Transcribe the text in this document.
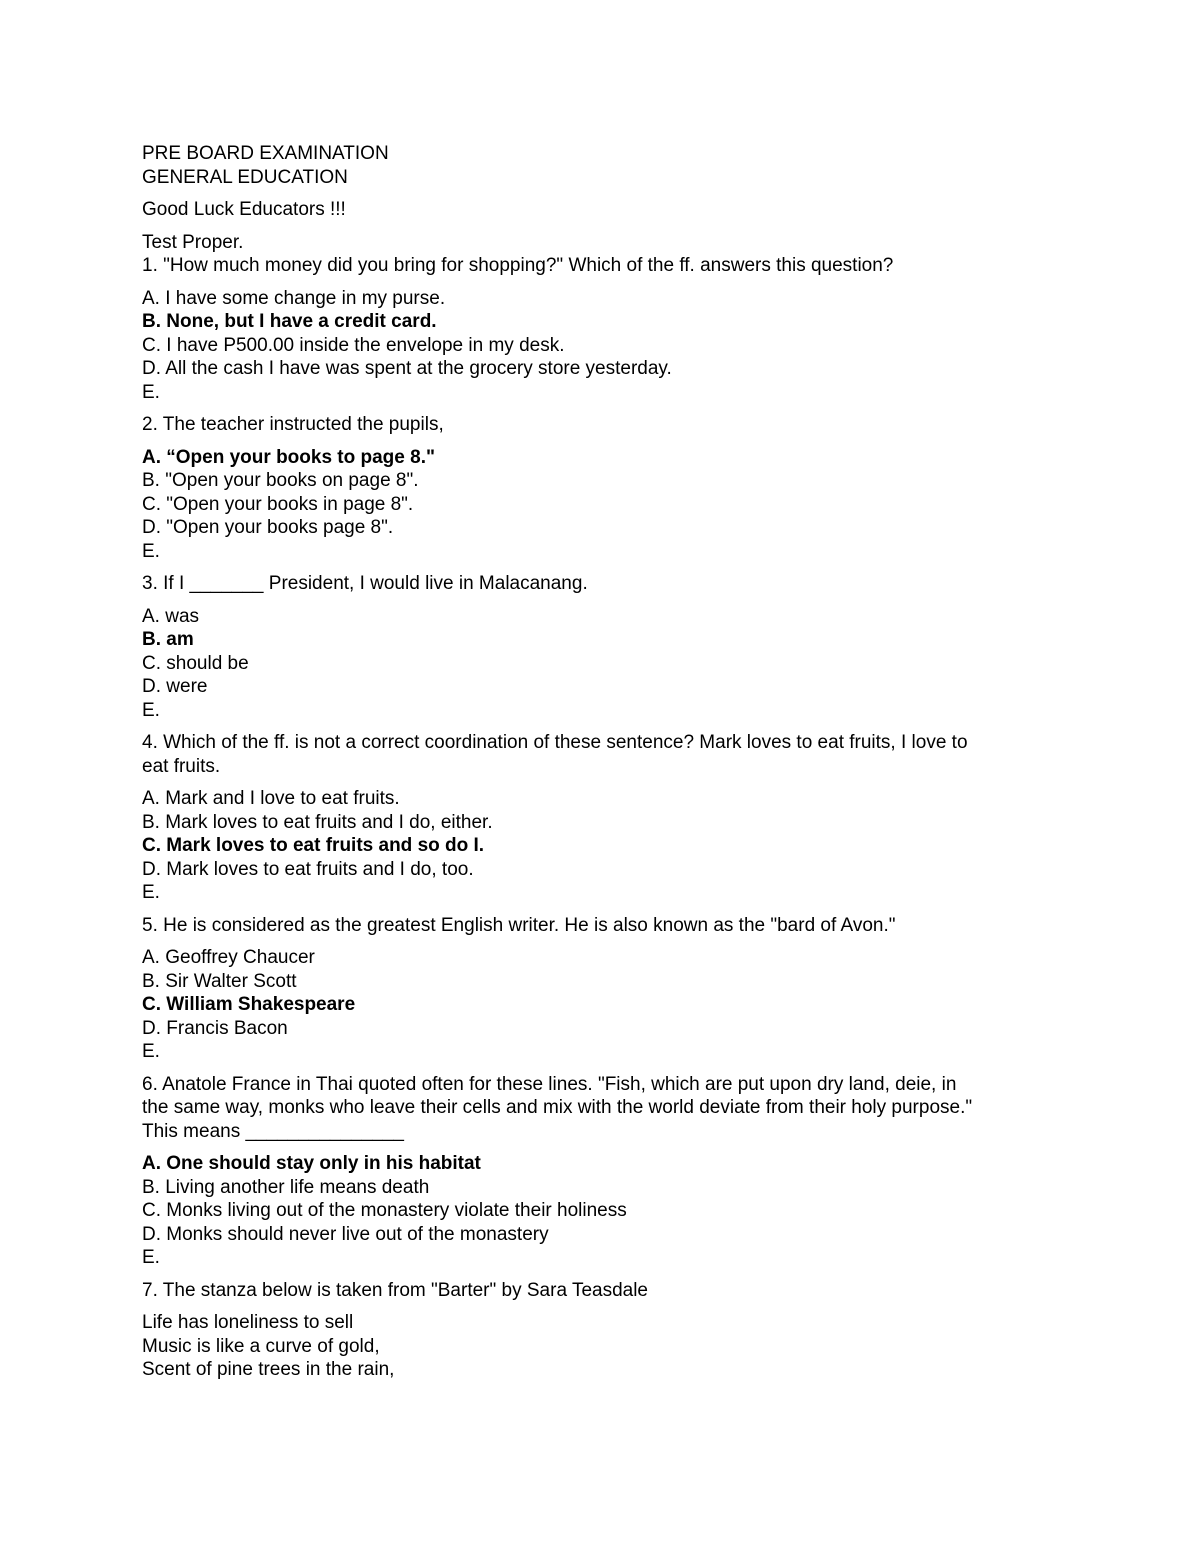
PRE BOARD EXAMINATION
GENERAL EDUCATION
Good Luck Educators !!!
Test Proper.
1. "How much money did you bring for shopping?" Which of the ff. answers this question?
A. I have some change in my purse.
B. None, but I have a credit card.
C. I have P500.00 inside the envelope in my desk.
D. All the cash I have was spent at the grocery store yesterday.
E.
2. The teacher instructed the pupils,
A. “Open your books to page 8."
B. "Open your books on page 8".
C. "Open your books in page 8".
D. "Open your books page 8".
E.
3. If I _______ President, I would live in Malacanang.
A. was
B. am
C. should be
D. were
E.
4. Which of the ff. is not a correct coordination of these sentence? Mark loves to eat fruits, I love to
eat fruits.
A. Mark and I love to eat fruits.
B. Mark loves to eat fruits and I do, either.
C. Mark loves to eat fruits and so do I.
D. Mark loves to eat fruits and I do, too.
E.
5. He is considered as the greatest English writer. He is also known as the "bard of Avon."
A. Geoffrey Chaucer
B. Sir Walter Scott
C. William Shakespeare
D. Francis Bacon
E.
6. Anatole France in Thai quoted often for these lines. "Fish, which are put upon dry land, deie, in
the same way, monks who leave their cells and mix with the world deviate from their holy purpose."
This means _______________
A. One should stay only in his habitat
B. Living another life means death
C. Monks living out of the monastery violate their holiness
D. Monks should never live out of the monastery
E.
7. The stanza below is taken from "Barter" by Sara Teasdale
Life has loneliness to sell
Music is like a curve of gold,
Scent of pine trees in the rain,
